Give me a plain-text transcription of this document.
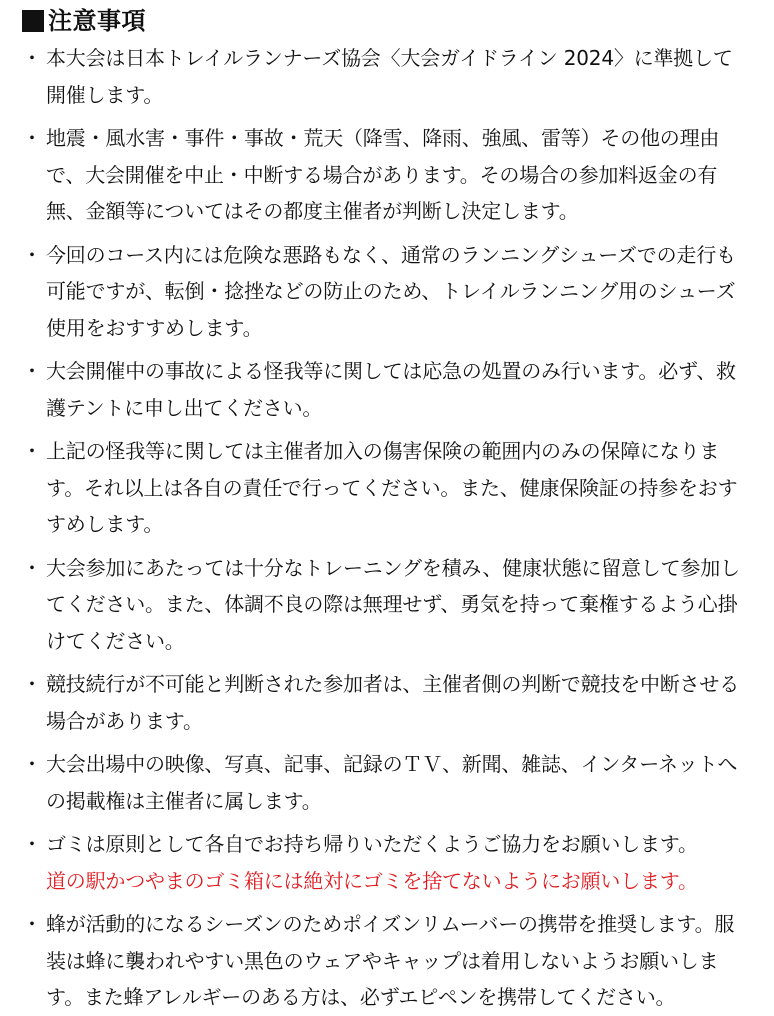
注意事項
・ 本大会は日本トレイルランナーズ協会〈大会ガイドライン 2024〉に準拠して開催します。
・ 地震・風水害・事件・事故・荒天（降雪、降雨、強風、雷等）その他の理由で、大会開催を中止・中断する場合があります。その場合の参加料返金の有無、金額等についてはその都度主催者が判断し決定します。
・ 今回のコース内には危険な悪路もなく、通常のランニングシューズでの走行も可能ですが、転倒・捻挫などの防止のため、トレイルランニング用のシューズ使用をおすすめします。
・ 大会開催中の事故による怪我等に関しては応急の処置のみ行います。必ず、救護テントに申し出てください。
・ 上記の怪我等に関しては主催者加入の傷害保険の範囲内のみの保障になります。それ以上は各自の責任で行ってください。また、健康保険証の持参をおすすめします。
・ 大会参加にあたっては十分なトレーニングを積み、健康状態に留意して参加してください。また、体調不良の際は無理せず、勇気を持って棄権するよう心掛けてください。
・ 競技続行が不可能と判断された参加者は、主催者側の判断で競技を中断させる場合があります。
・ 大会出場中の映像、写真、記事、記録のＴＶ、新聞、雑誌、インターネットへの掲載権は主催者に属します。
・ ゴミは原則として各自でお持ち帰りいただくようご協力をお願いします。
道の駅かつやまのゴミ箱には絶対にゴミを捨てないようにお願いします。
・ 蜂が活動的になるシーズンのためポイズンリムーバーの携帯を推奨します。服装は蜂に襲われやすい黒色のウェアやキャップは着用しないようお願いします。また蜂アレルギーのある方は、必ずエピペンを携帯してください。
